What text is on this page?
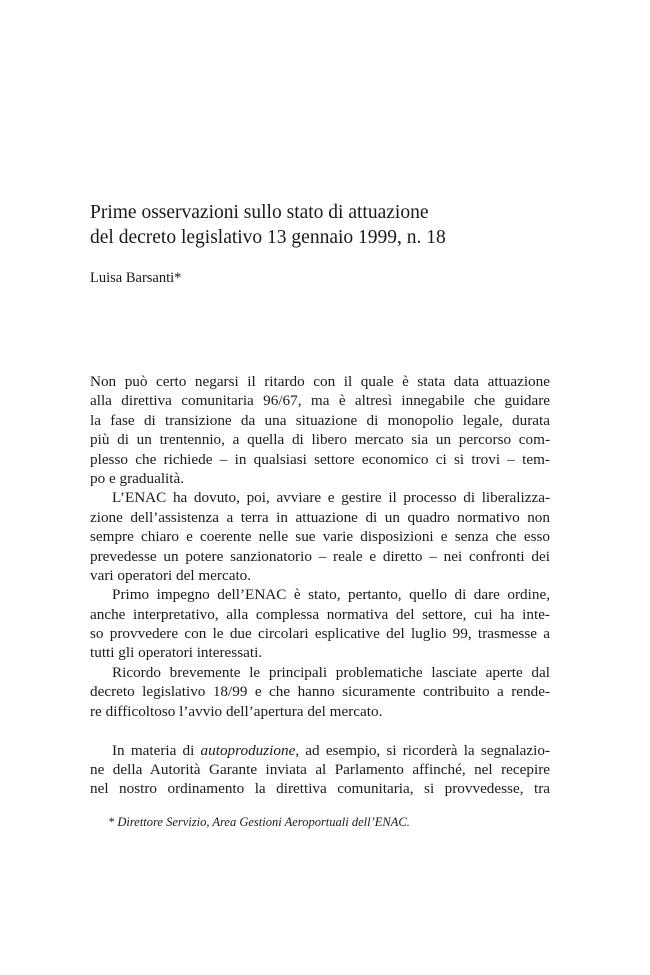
Prime osservazioni sullo stato di attuazione
del decreto legislativo 13 gennaio 1999, n. 18
Luisa Barsanti*
Non può certo negarsi il ritardo con il quale è stata data attuazione
alla direttiva comunitaria 96/67, ma è altresì innegabile che guidare
la fase di transizione da una situazione di monopolio legale, durata
più di un trentennio, a quella di libero mercato sia un percorso com-
plesso che richiede – in qualsiasi settore economico ci si trovi – tem-
po e gradualità.
L’ENAC ha dovuto, poi, avviare e gestire il processo di liberalizza-
zione dell’assistenza a terra in attuazione di un quadro normativo non
sempre chiaro e coerente nelle sue varie disposizioni e senza che esso
prevedesse un potere sanzionatorio – reale e diretto – nei confronti dei
vari operatori del mercato.
Primo impegno dell’ENAC è stato, pertanto, quello di dare ordine,
anche interpretativo, alla complessa normativa del settore, cui ha inte-
so provvedere con le due circolari esplicative del luglio 99, trasmesse a
tutti gli operatori interessati.
Ricordo brevemente le principali problematiche lasciate aperte dal
decreto legislativo 18/99 e che hanno sicuramente contribuito a rende-
re difficoltoso l’avvio dell’apertura del mercato.
In materia di autoproduzione, ad esempio, si ricorderà la segnalazio-
ne della Autorità Garante inviata al Parlamento affinché, nel recepire
nel nostro ordinamento la direttiva comunitaria, si provvedesse, tra
* Direttore Servizio, Area Gestioni Aeroportuali dell’ENAC.
